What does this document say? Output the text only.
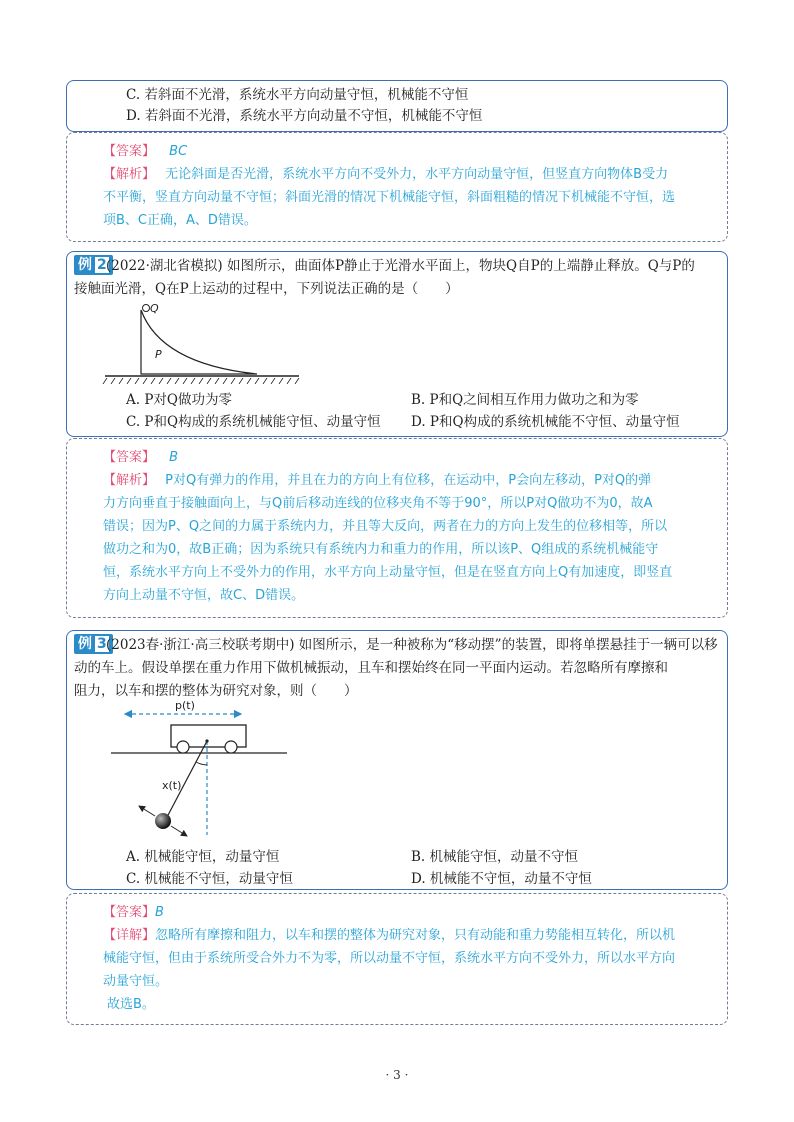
C. 若斜面不光滑，系统水平方向动量守恒，机械能不守恒
D. 若斜面不光滑，系统水平方向动量不守恒，机械能不守恒
【答案】 BC
【解析】 无论斜面是否光滑，系统水平方向不受外力，水平方向动量守恒，但竖直方向物体B受力
不平衡，竖直方向动量不守恒；斜面光滑的情况下机械能守恒，斜面粗糙的情况下机械能不守恒，选
项B、C正确，A、D错误。
例 2 (2022·湖北省模拟) 如图所示，曲面体P静止于光滑水平面上，物块Q自P的上端静止释放。Q与P的
接触面光滑，Q在P上运动的过程中，下列说法正确的是（　　）
Q
P
A. P对Q做功为零	B. P和Q之间相互作用力做功之和为零
C. P和Q构成的系统机械能守恒、动量守恒 D. P和Q构成的系统机械能不守恒、动量守恒
【答案】 B
【解析】 P对Q有弹力的作用，并且在力的方向上有位移，在运动中，P会向左移动，P对Q的弹
力方向垂直于接触面向上，与Q前后移动连线的位移夹角不等于90°，所以P对Q做功不为0，故A
错误；因为P、Q之间的力属于系统内力，并且等大反向，两者在力的方向上发生的位移相等，所以
做功之和为0，故B正确；因为系统只有系统内力和重力的作用，所以该P、Q组成的系统机械能守
恒，系统水平方向上不受外力的作用，水平方向上动量守恒，但是在竖直方向上Q有加速度，即竖直
方向上动量不守恒，故C、D错误。
例 3 (2023春·浙江·高三校联考期中) 如图所示，是一种被称为“移动摆”的装置，即将单摆悬挂于一辆可以移
动的车上。假设单摆在重力作用下做机械振动，且车和摆始终在同一平面内运动。若忽略所有摩擦和
阻力，以车和摆的整体为研究对象，则（　　）
p(t)
x(t)
A. 机械能守恒，动量守恒	B. 机械能守恒，动量不守恒
C. 机械能不守恒，动量守恒	D. 机械能不守恒，动量不守恒
【答案】B
【详解】忽略所有摩擦和阻力，以车和摆的整体为研究对象，只有动能和重力势能相互转化，所以机
械能守恒，但由于系统所受合外力不为零，所以动量不守恒，系统水平方向不受外力，所以水平方向
动量守恒。
故选B。
· 3 ·
